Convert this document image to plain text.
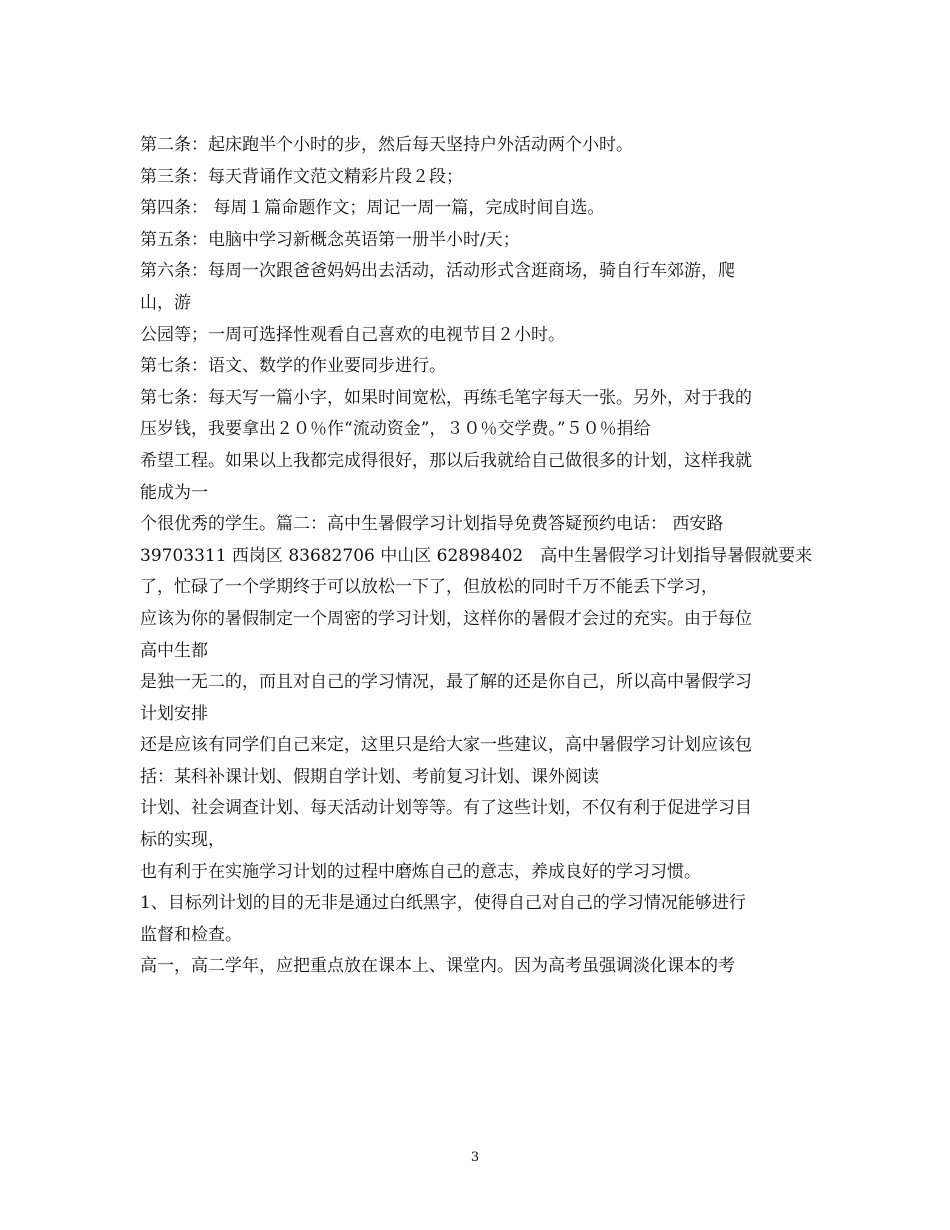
第二条：起床跑半个小时的步，然后每天坚持户外活动两个小时。
第三条：每天背诵作文范文精彩片段２段；
第四条： 每周１篇命题作文；周记一周一篇，完成时间自选。
第五条：电脑中学习新概念英语第一册半小时/天；
第六条：每周一次跟爸爸妈妈出去活动，活动形式含逛商场，骑自行车郊游，爬
山，游
公园等；一周可选择性观看自己喜欢的电视节目２小时。
第七条：语文、数学的作业要同步进行。
第七条：每天写一篇小字，如果时间宽松，再练毛笔字每天一张。另外，对于我的
压岁钱，我要拿出２０％作“流动资金”，３０％交学费。”５０％捐给
希望工程。如果以上我都完成得很好，那以后我就给自己做很多的计划，这样我就
能成为一
个很优秀的学生。篇二：高中生暑假学习计划指导免费答疑预约电话： 西安路
39703311 西岗区 83682706 中山区 62898402　高中生暑假学习计划指导暑假就要来
了，忙碌了一个学期终于可以放松一下了，但放松的同时千万不能丢下学习，
应该为你的暑假制定一个周密的学习计划，这样你的暑假才会过的充实。由于每位
高中生都
是独一无二的，而且对自己的学习情况，最了解的还是你自己，所以高中暑假学习
计划安排
还是应该有同学们自己来定，这里只是给大家一些建议，高中暑假学习计划应该包
括：某科补课计划、假期自学计划、考前复习计划、课外阅读
计划、社会调查计划、每天活动计划等等。有了这些计划，不仅有利于促进学习目
标的实现，
也有利于在实施学习计划的过程中磨炼自己的意志，养成良好的学习习惯。
1、目标列计划的目的无非是通过白纸黑字，使得自己对自己的学习情况能够进行
监督和检查。
高一，高二学年，应把重点放在课本上、课堂内。因为高考虽强调淡化课本的考
3
